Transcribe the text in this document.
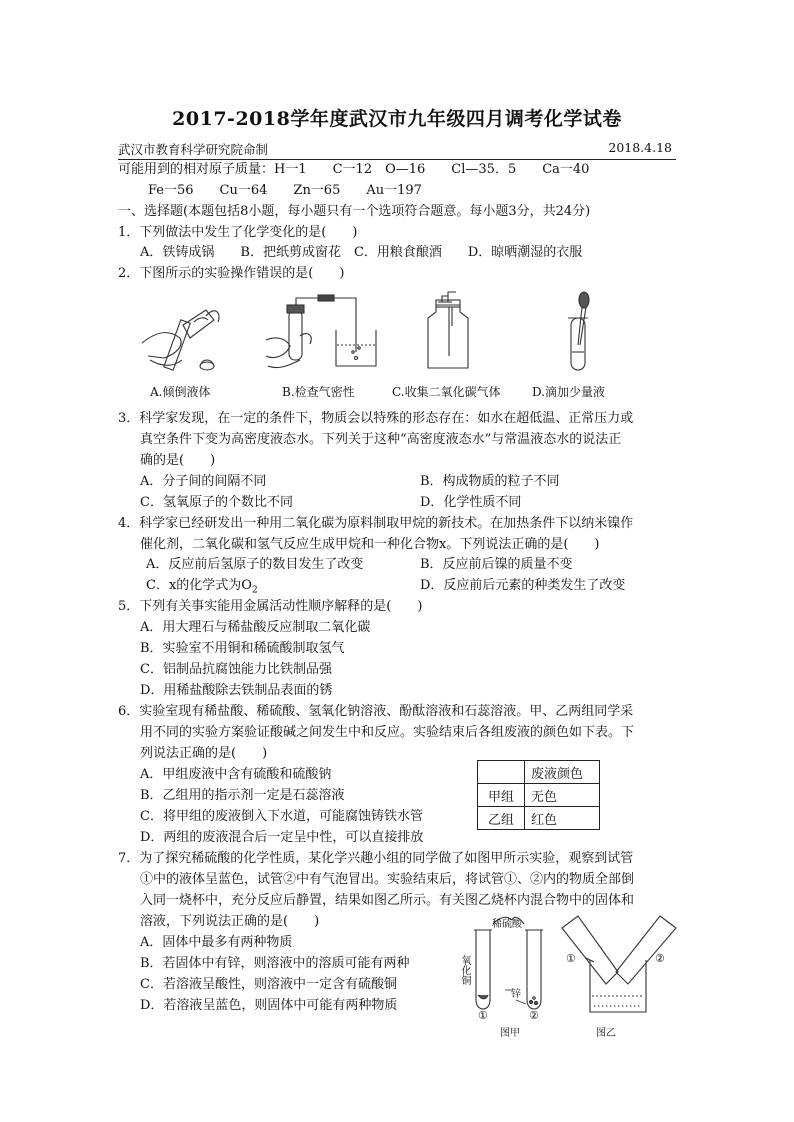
2017-2018学年度武汉市九年级四月调考化学试卷
武汉市教育科学研究院命制	2018.4.18
可能用到的相对原子质量：H一1　　C一12　O—16　　Cl—35．5　　Ca一40
Fe一56　　Cu一64　　Zn一65　　Au一197
一、选择题(本题包括8小题，每小题只有一个选项符合题意。每小题3分，共24分)
1．下列做法中发生了化学变化的是(　　)
A．铁铸成锅　　B．把纸剪成窗花　C．用粮食酿酒　　D．晾晒潮湿的衣服
2．下图所示的实验操作错误的是(　　)
A.倾倒液体	B.检查气密性	C.收集二氧化碳气体	D.滴加少量液
3．科学家发现，在一定的条件下，物质会以特殊的形态存在：如水在超低温、正常压力或
真空条件下变为高密度液态水。下列关于这种“高密度液态水”与常温液态水的说法正
确的是(　　)
A．分子间的间隔不同	B．构成物质的粒子不同
C．氢氧原子的个数比不同	D．化学性质不同
4．科学家已经研发出一种用二氧化碳为原料制取甲烷的新技术。在加热条件下以纳米镍作
催化剂，二氧化碳和氢气反应生成甲烷和一种化合物x。下列说法正确的是(　　)
A．反应前后氢原子的数目发生了改变	B．反应前后镍的质量不变
C．x的化学式为$O_2$	D．反应前后元素的种类发生了改变
5．下列有关事实能用金属活动性顺序解释的是(　　)
A．用大理石与稀盐酸反应制取二氧化碳
B．实验室不用铜和稀硫酸制取氢气
C．铝制品抗腐蚀能力比铁制品强
D．用稀盐酸除去铁制品表面的锈
6．实验室现有稀盐酸、稀硫酸、氢氧化钠溶液、酚酞溶液和石蕊溶液。甲、乙两组同学采
用不同的实验方案验证酸碱之间发生中和反应。实验结束后各组废液的颜色如下表。下
列说法正确的是(　　)
A．甲组废液中含有硫酸和硫酸钠
B．乙组用的指示剂一定是石蕊溶液
C．将甲组的废液倒入下水道，可能腐蚀铸铁水管
D．两组的废液混合后一定呈中性，可以直接排放
	废液颜色
甲组	无色
乙组	红色
7．为了探究稀硫酸的化学性质，某化学兴趣小组的同学做了如图甲所示实验，观察到试管
①中的液体呈蓝色，试管②中有气泡冒出。实验结束后，将试管①、②内的物质全部倒
入同一烧杯中，充分反应后静置，结果如图乙所示。有关图乙烧杯内混合物中的固体和
溶液，下列说法正确的是(　　)
A．固体中最多有两种物质
B．若固体中有锌，则溶液中的溶质可能有两种
C．若溶液呈酸性，则溶液中一定含有硫酸铜
D．若溶液呈蓝色，则固体中可能有两种物质
稀硫酸
氧化铜
锌
①	②
图甲
①	②
图乙
